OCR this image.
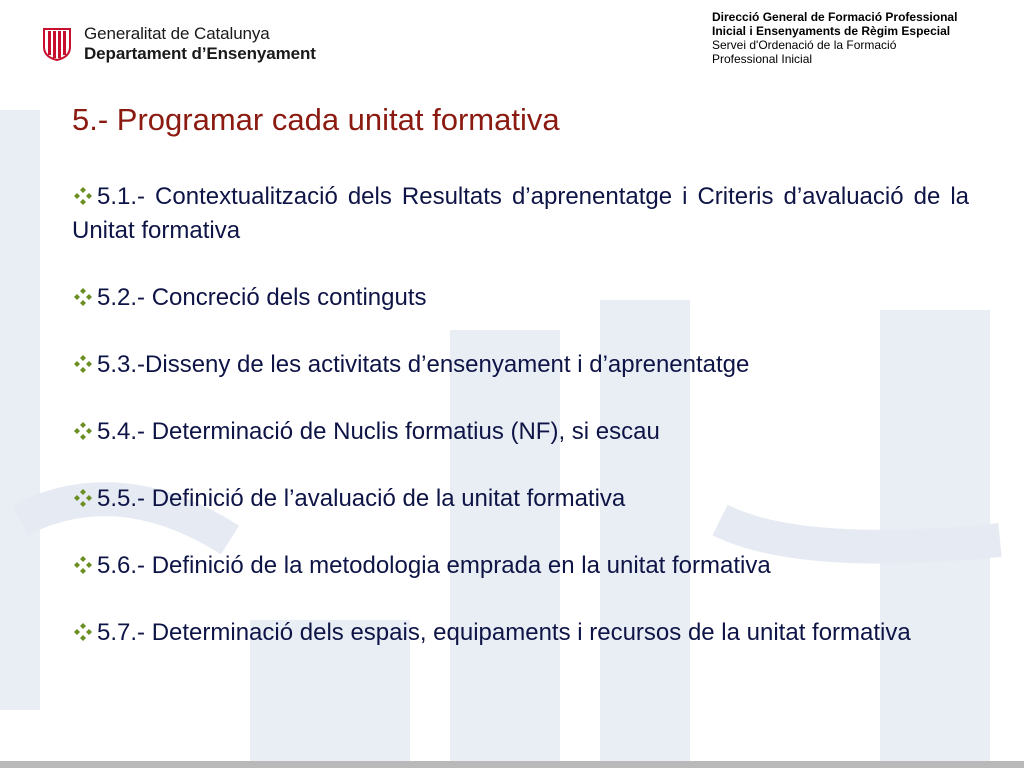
Generalitat de Catalunya
Departament d’Ensenyament
Direcció General de Formació Professional
Inicial i Ensenyaments de Règim Especial
Servei d'Ordenació de la Formació
Professional Inicial
5.- Programar cada unitat formativa
5.1.- Contextualització dels Resultats d’aprenentatge i Criteris d’avaluació de la Unitat formativa
5.2.- Concreció dels continguts
5.3.-Disseny de les activitats d’ensenyament i d’aprenentatge
5.4.- Determinació de Nuclis formatius (NF), si escau
5.5.- Definició de l’avaluació de la unitat formativa
5.6.- Definició de la metodologia emprada en la unitat formativa
5.7.- Determinació dels espais, equipaments i recursos de la unitat formativa
